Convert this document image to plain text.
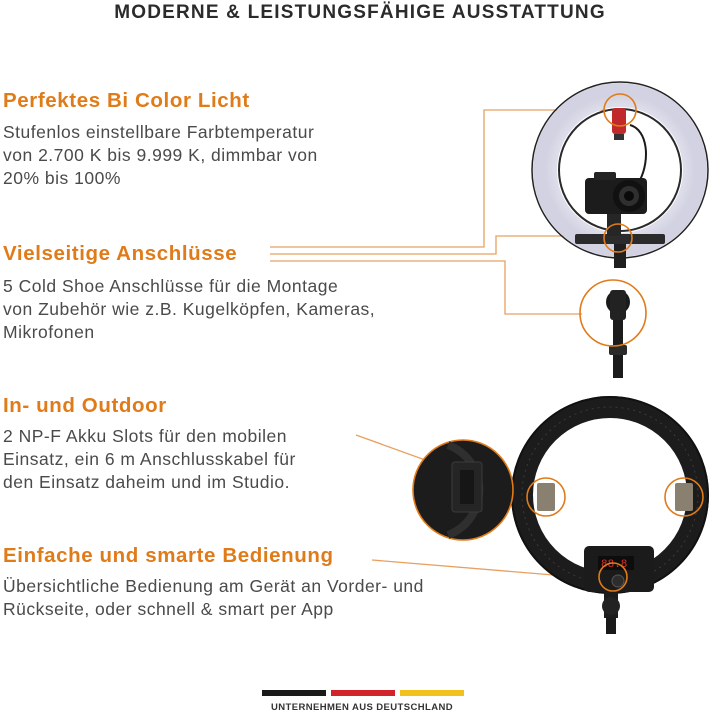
MODERNE & LEISTUNGSFÄHIGE AUSSTATTUNG
Perfektes Bi Color Licht

Stufenlos einstellbare Farbtemperatur
von 2.700 K bis 9.999 K, dimmbar von
20% bis 100%

Vielseitige Anschlüsse

5 Cold Shoe Anschlüsse für die Montage
von Zubehör wie z.B. Kugelköpfen, Kameras,
Mikrofonen

In- und Outdoor

2 NP-F Akku Slots für den mobilen
Einsatz, ein 6 m Anschlusskabel für
den Einsatz daheim und im Studio.

Einfache und smarte Bedienung

Übersichtliche Bedienung am Gerät an Vorder- und
Rückseite, oder schnell & smart per App

88.8

UNTERNEHMEN AUS DEUTSCHLAND
